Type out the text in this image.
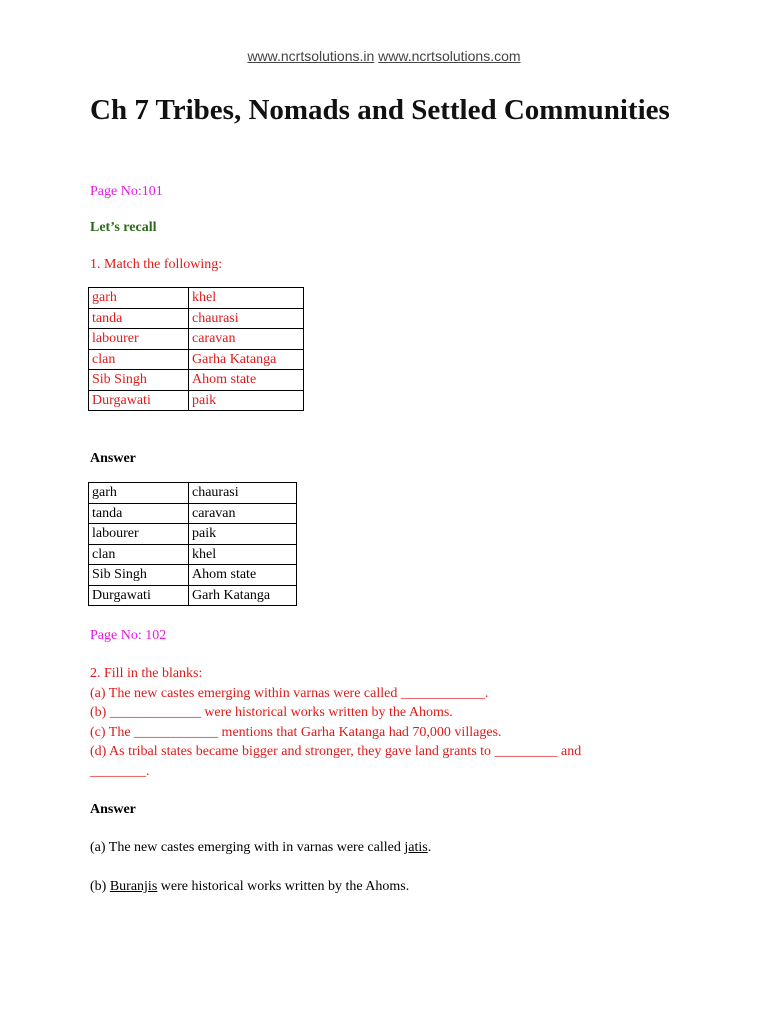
www.ncrtsolutions.in www.ncrtsolutions.com
Ch 7 Tribes, Nomads and Settled Communities

Page No:101

Let’s recall

1. Match the following:

garh	khel
tanda	chaurasi
labourer	caravan
clan	Garha Katanga
Sib Singh	Ahom state
Durgawati	paik

Answer

garh	chaurasi
tanda	caravan
labourer	paik
clan	khel
Sib Singh	Ahom state
Durgawati	Garh Katanga

Page No: 102

2. Fill in the blanks:

(a) The new castes emerging within varnas were called ____________.

(b) _____________ were historical works written by the Ahoms.

(c) The ____________ mentions that Garha Katanga had 70,000 villages.

(d) As tribal states became bigger and stronger, they gave land grants to _________ and

________.

Answer

(a) The new castes emerging with in varnas were called jatis.

(b) Buranjis were historical works written by the Ahoms.
